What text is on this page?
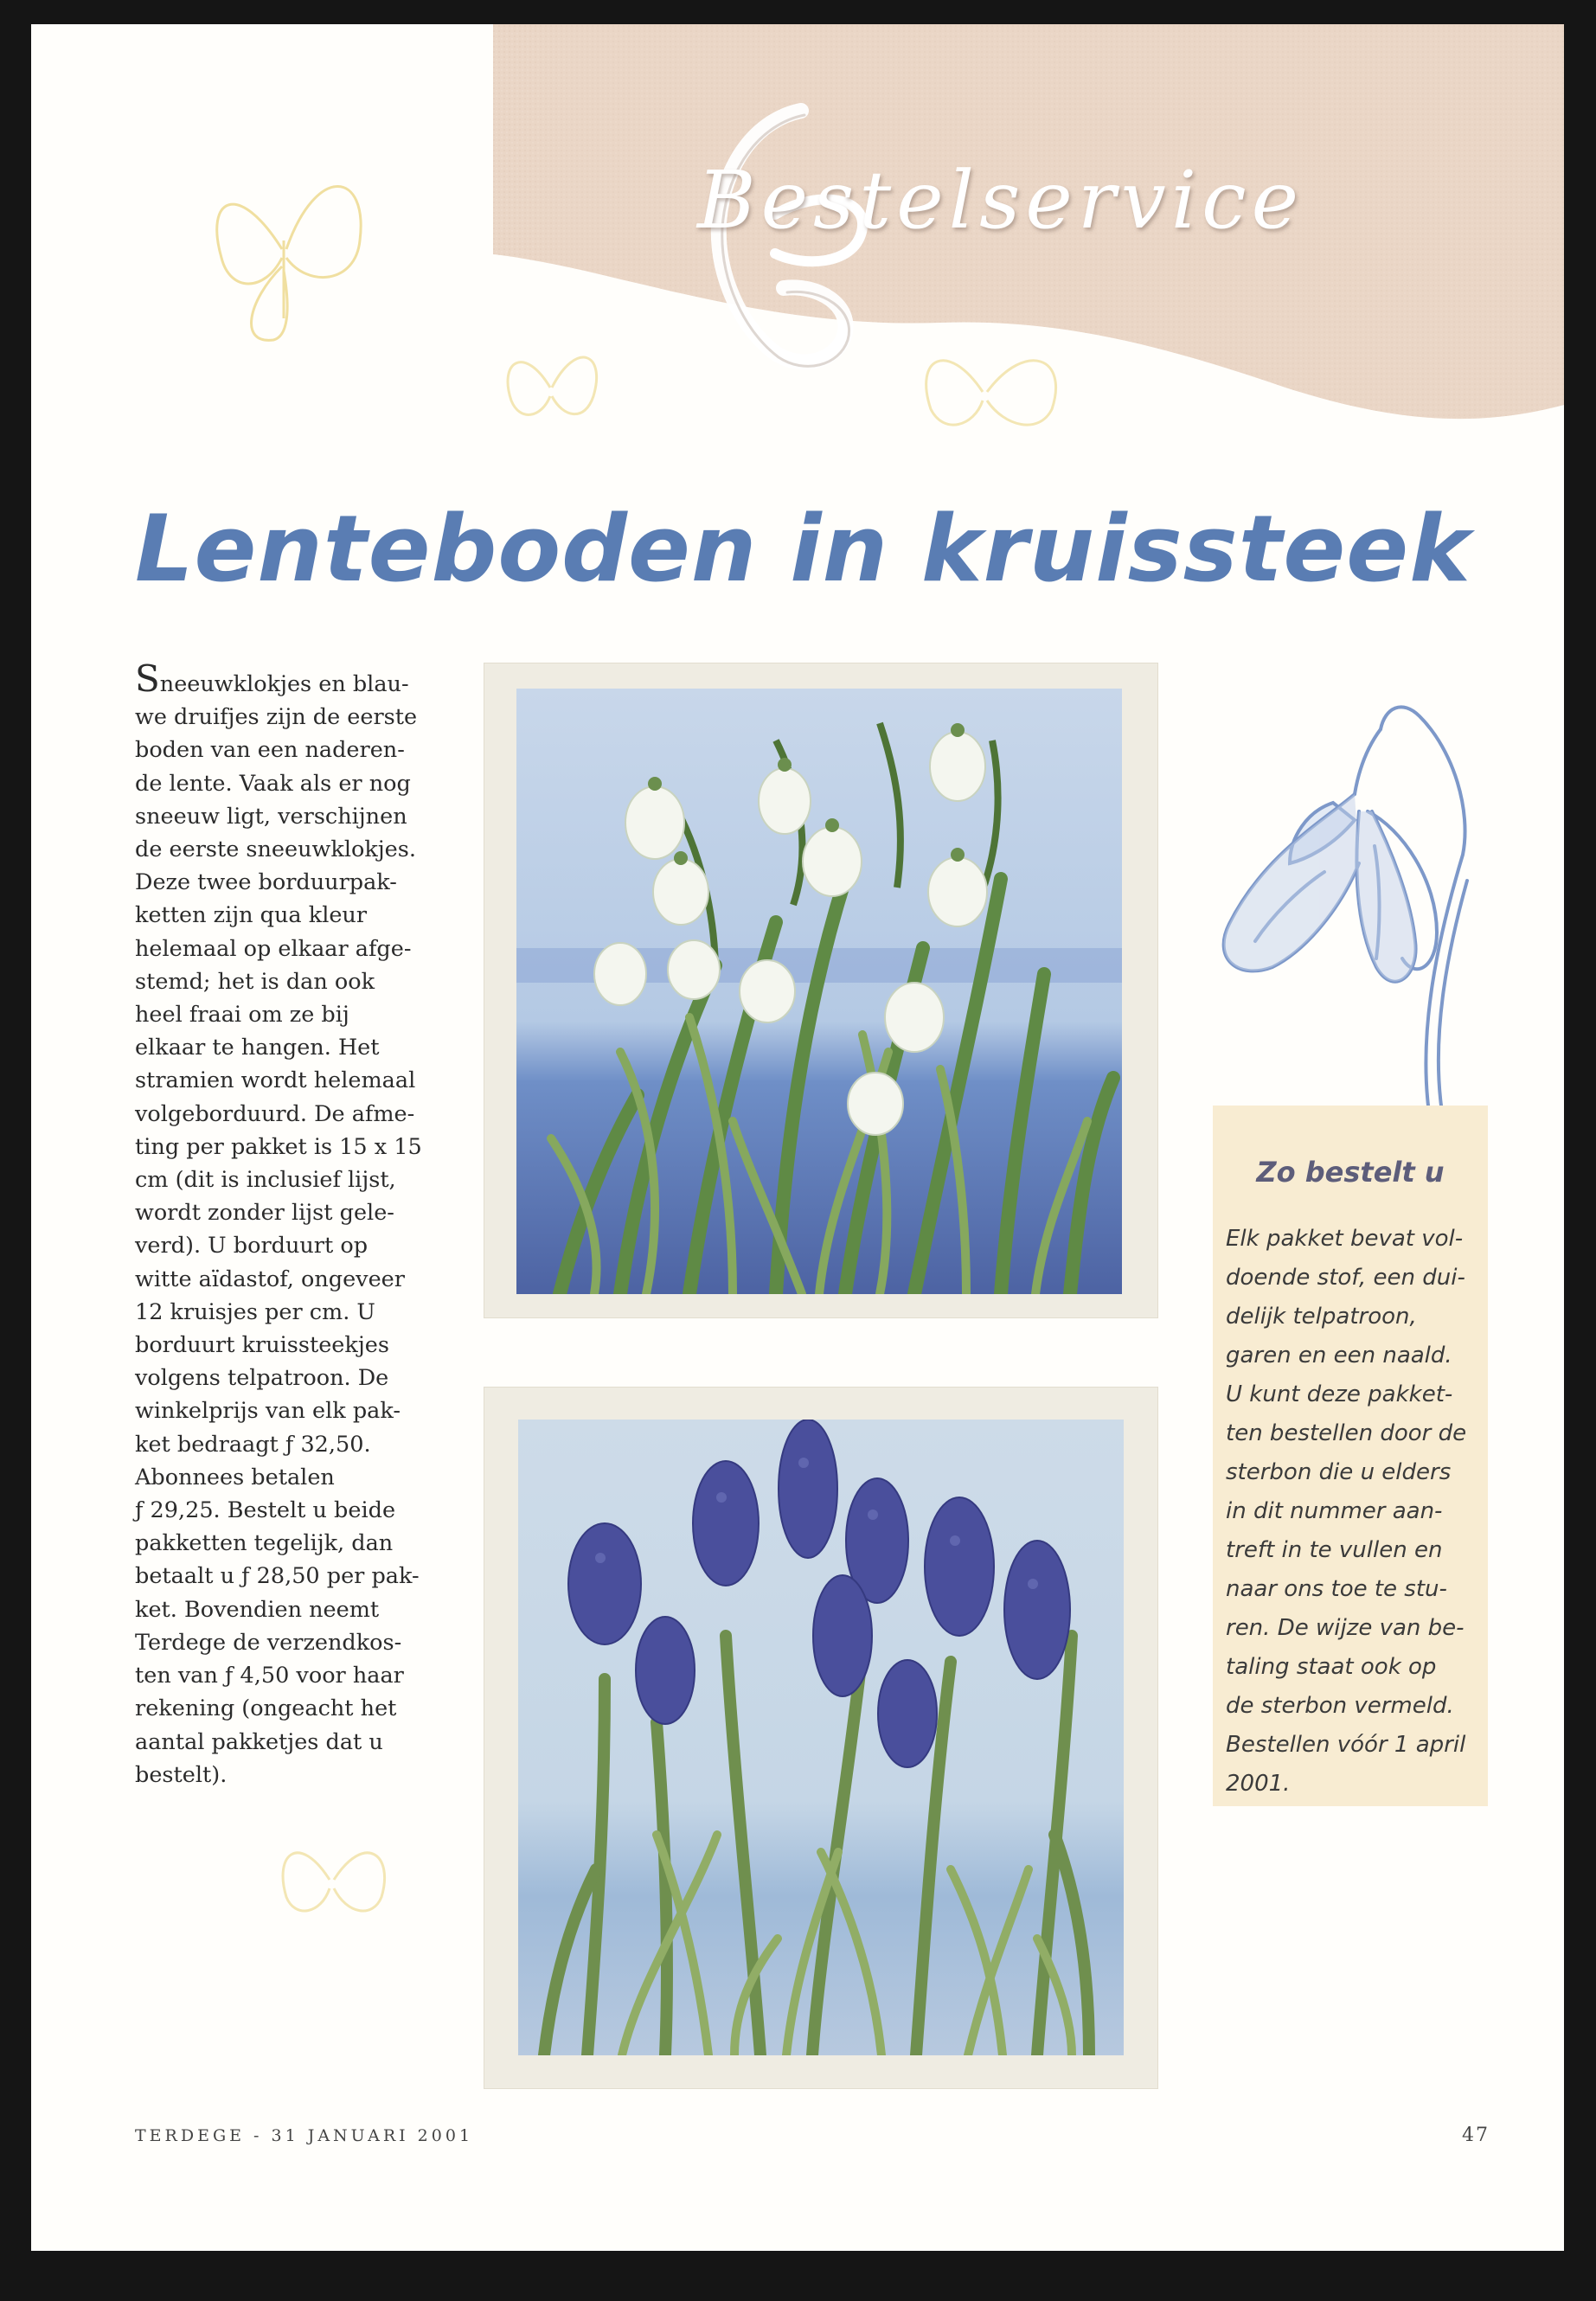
Bestelservice
Lenteboden in kruissteek
Sneeuwklokjes en blau-
we druifjes zijn de eerste
boden van een naderen-
de lente. Vaak als er nog
sneeuw ligt, verschijnen
de eerste sneeuwklokjes.
Deze twee borduurpak-
ketten zijn qua kleur
helemaal op elkaar afge-
stemd; het is dan ook
heel fraai om ze bij
elkaar te hangen. Het
stramien wordt helemaal
volgeborduurd. De afme-
ting per pakket is 15 x 15
cm (dit is inclusief lijst,
wordt zonder lijst gele-
verd). U borduurt op
witte aïdastof, ongeveer
12 kruisjes per cm. U
borduurt kruissteekjes
volgens telpatroon. De
winkelprijs van elk pak-
ket bedraagt ƒ 32,50.
Abonnees betalen
ƒ 29,25. Bestelt u beide
pakketten tegelijk, dan
betaalt u ƒ 28,50 per pak-
ket. Bovendien neemt
Terdege de verzendkos-
ten van ƒ 4,50 voor haar
rekening (ongeacht het
aantal pakketjes dat u
bestelt).
Zo bestelt u
Elk pakket bevat vol-
doende stof, een dui-
delijk telpatroon,
garen en een naald.
U kunt deze pakket-
ten bestellen door de
sterbon die u elders
in dit nummer aan-
treft in te vullen en
naar ons toe te stu-
ren. De wijze van be-
taling staat ook op
de sterbon vermeld.
Bestellen vóór 1 april
2001.
TERDEGE - 31 JANUARI 2001	47
